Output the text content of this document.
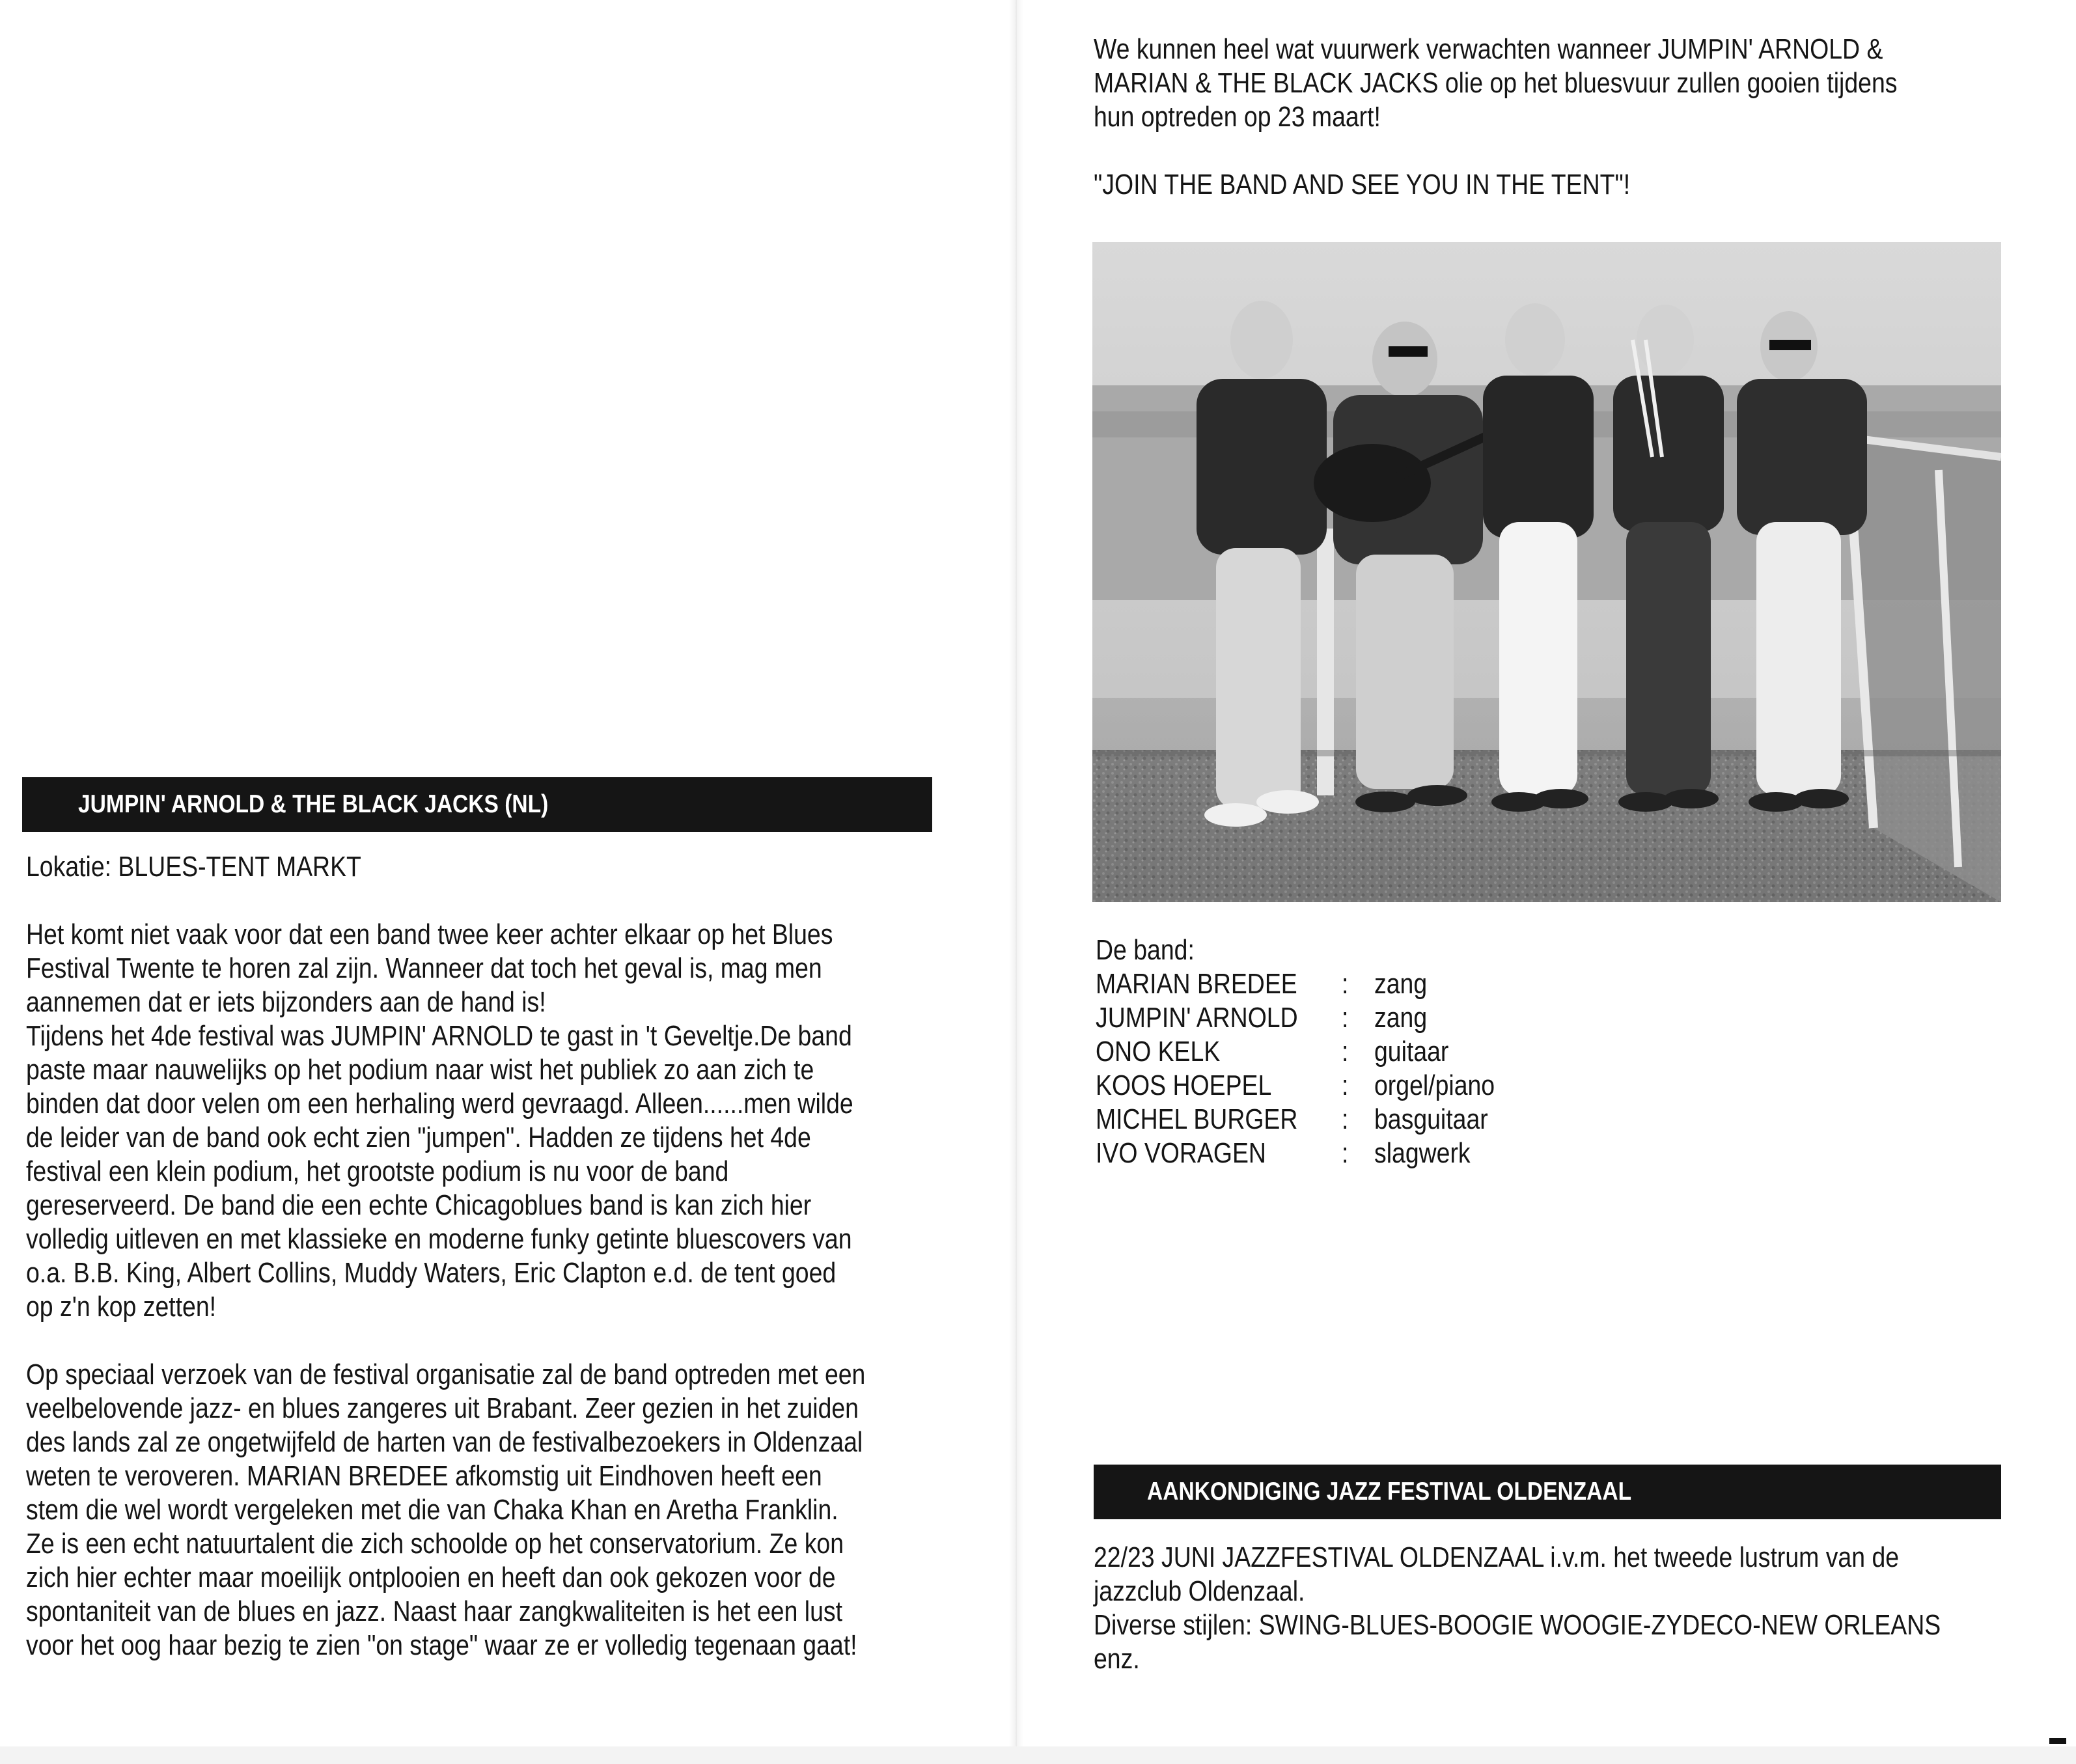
JUMPIN' ARNOLD & THE BLACK JACKS (NL)

Lokatie: BLUES-TENT MARKT

Het komt niet vaak voor dat een band twee keer achter elkaar op het Blues

Festival Twente te horen zal zijn. Wanneer dat toch het geval is, mag men

aannemen dat er iets bijzonders aan de hand is!

Tijdens het 4de festival was JUMPIN' ARNOLD te gast in 't Geveltje.De band

paste maar nauwelijks op het podium naar wist het publiek zo aan zich te

binden dat door velen om een herhaling werd gevraagd. Alleen......men wilde

de leider van de band ook echt zien "jumpen". Hadden ze tijdens het 4de

festival een klein podium, het grootste podium is nu voor de band

gereserveerd. De band die een echte Chicagoblues band is kan zich hier

volledig uitleven en met klassieke en moderne funky getinte bluescovers van

o.a. B.B. King, Albert Collins, Muddy Waters, Eric Clapton e.d. de tent goed

op z'n kop zetten!

Op speciaal verzoek van de festival organisatie zal de band optreden met een

veelbelovende jazz- en blues zangeres uit Brabant. Zeer gezien in het zuiden

des lands zal ze ongetwijfeld de harten van de festivalbezoekers in Oldenzaal

weten te veroveren. MARIAN BREDEE afkomstig uit Eindhoven heeft een

stem die wel wordt vergeleken met die van Chaka Khan en Aretha Franklin.

Ze is een echt natuurtalent die zich schoolde op het conservatorium. Ze kon

zich hier echter maar moeilijk ontplooien en heeft dan ook gekozen voor de

spontaniteit van de blues en jazz. Naast haar zangkwaliteiten is het een lust

voor het oog haar bezig te zien "on stage" waar ze er volledig tegenaan gaat!

We kunnen heel wat vuurwerk verwachten wanneer JUMPIN' ARNOLD &

MARIAN & THE BLACK JACKS olie op het bluesvuur zullen gooien tijdens

hun optreden op 23 maart!

"JOIN THE BAND AND SEE YOU IN THE TENT"!

De band:
MARIAN BREDEE : zang
JUMPIN' ARNOLD : zang
ONO KELK	: guitaar
KOOS HOEPEL : orgel/piano
MICHEL BURGER : basguitaar
IVO VORAGEN	: slagwerk
AANKONDIGING JAZZ FESTIVAL OLDENZAAL

22/23 JUNI JAZZFESTIVAL OLDENZAAL i.v.m. het tweede lustrum van de

jazzclub Oldenzaal.

Diverse stijlen: SWING-BLUES-BOOGIE WOOGIE-ZYDECO-NEW ORLEANS

enz.
